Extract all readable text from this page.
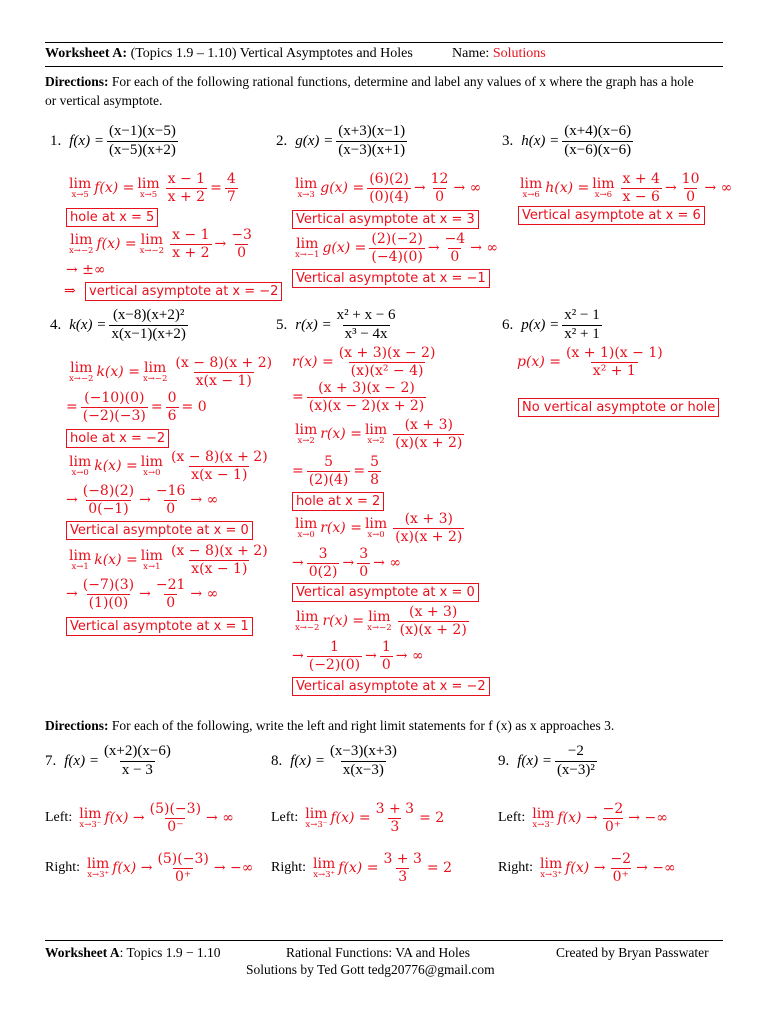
Worksheet A: (Topics 1.9 – 1.10) Vertical Asymptotes and Holes	Name: Solutions
Directions: For each of the following rational functions, determine and label any values of x where the graph has a hole
or vertical asymptote.
1. $f(x) = \frac{(x-1)(x-5)}{(x-5)(x+2)}$
lim
x→5 f(x) = lim
$x\to 5 \frac{x - 1}{x + 2} = \frac{4}{7}$
hole at x = 5
lim
x→−2 f(x) = lim
$x\to-2 \frac{x - 1}{x + 2} \to \frac{-3}{0}$
→ ±∞
⇒	vertical asymptote at x = −2
2. $g(x) = \frac{(x+3)(x-1)}{(x-3)(x+1)}$
lim
x→3 $g(x) = \frac{(6)(2)}{(0)(4)} \to \frac{12}{0}$ → ∞
Vertical asymptote at x = 3
lim
x→−1 $g(x) = \frac{(2)(-2)}{(-4)(0)} \to \frac{-4}{0}$ → ∞
Vertical asymptote at x = −1
3. $h(x) = \frac{(x+4)(x-6)}{(x-6)(x-6)}$
lim
x→6 h(x) = lim
$x\to 6 \frac{x + 4}{x - 6} \to \frac{10}{0}$ → ∞
Vertical asymptote at x = 6
4. $k(x) = \frac{\text{(x−8)(x+2)²}}{x(x-1)(x+2)}$
lim
x→−2 k(x) = lim
$x\to-2 \frac{(x - 8)(x + 2)}{x(x - 1)}$
= $\frac{(-10)(0)}{(-2)(-3)} = \frac{0}{6} = 0$
hole at x = −2
lim
x→0 k(x) = lim
$x\to 0 \frac{(x - 8)(x + 2)}{x(x - 1)}$
→ $\frac{(-8)(2)}{0(-1)} \to \frac{-16}{0}$ → ∞
Vertical asymptote at x = 0
lim
x→1 k(x) = lim
$x\to 1 \frac{(x - 8)(x + 2)}{x(x - 1)}$
→ $\frac{(-7)(3)}{(1)(0)} \to \frac{-21}{0}$ → ∞
Vertical asymptote at x = 1
5. $r(x) = \frac{\text{x² + x − 6}}{\text{x³ − 4x}}$
$r(x) = \frac{(x + 3)(x - 2)}{\text{(x)(x² − 4)}}$
= $\frac{(x + 3)(x - 2)}{(x)(x - 2)(x + 2)}$
lim
x→2 r(x) = lim
$x\to 2 \frac{(x + 3)}{(x)(x + 2)}$
= $\frac{5}{(2)(4)} = \frac{5}{8}$
hole at x = 2
lim
x→0 r(x) = lim
$x\to 0 \frac{(x + 3)}{(x)(x + 2)}$
→ $\frac{3}{0(2)} \to \frac{3}{0}$ → ∞
Vertical asymptote at x = 0
lim
x→−2 r(x) = lim
$x\to-2 \frac{(x + 3)}{(x)(x + 2)}$
→ $\frac{1}{(-2)(0)} \to \frac{1}{0}$ → ∞
Vertical asymptote at x = −2
6. $p(x) = \frac{\text{x² − 1}}{\text{x² + 1}}$
$p(x) = \frac{(x + 1)(x - 1)}{\text{x² + 1}}$
No vertical asymptote or hole
Directions: For each of the following, write the left and right limit statements for f (x) as x approaches 3.
7. $f(x) = \frac{(x+2)(x-6)}{x - 3}$
Left: lim
x→3⁻ $f(x) \to \frac{(5)(-3)}{0^-}$ → ∞
Right: lim
x→3⁺ $f(x) \to \frac{(5)(-3)}{0^+}$ → −∞
8. $f(x) = \frac{(x-3)(x+3)}{x(x-3)}$
Left: lim
x→3⁻ $f(x) = \frac{3 + 3}{3} = 2$
Right: lim
x→3⁺ $f(x) = \frac{3 + 3}{3} = 2$
9. $f(x) = \frac{-2}{\text{(x−3)²}}$
Left: lim
x→3⁻ $f(x) \to \frac{-2}{0^+}$ → −∞
Right: lim
x→3⁺ $f(x) \to \frac{-2}{0^+}$ → −∞
Worksheet A: Topics 1.9 − 1.10	Rational Functions: VA and Holes	Created by Bryan Passwater
Solutions by Ted Gott tedg20776@gmail.com
